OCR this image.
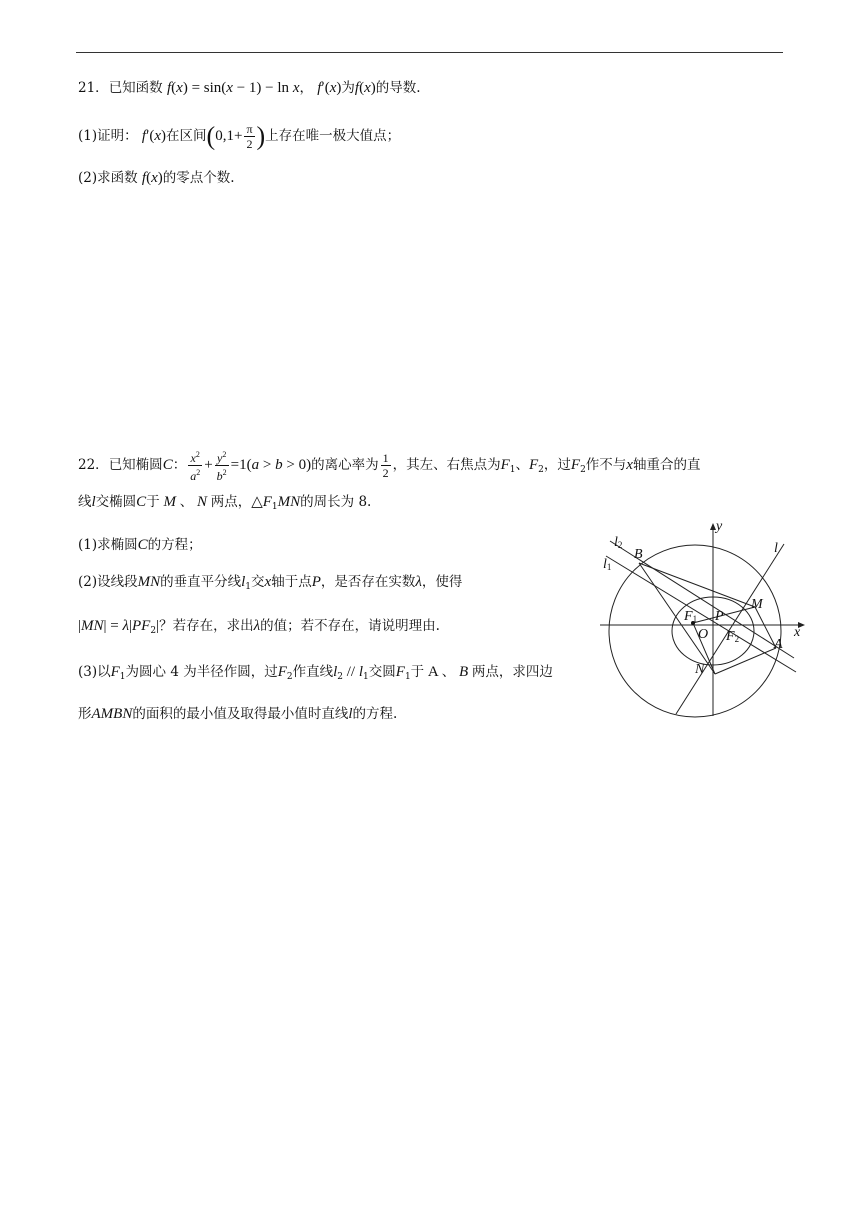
21．已知函数 f(x) = sin(x − 1) − ln x， f′(x)为f(x)的导数.
(1)证明： f′(x)在区间($0,1+ \frac{\pi}{2}$ )上存在唯一极大值点；
(2)求函数 f(x)的零点个数.
22．已知椭圆C： $\frac{x^2}{a^2} + \frac{y^2}{b^2} =1(a > b > 0)$的离心率为 $\frac{1}{2}$ ，其左、右焦点为$F_1$、$F_2$，过$F_2$作不与x轴重合的直
线l交椭圆C于 M 、 N 两点，$\triangle F_1MN$的周长为 8.
(1)求椭圆C的方程；
(2)设线段MN的垂直平分线$l_1$交x轴于点P，是否存在实数λ，使得
$|MN| = \lambda|PF_2|$？若存在，求出λ的值；若不存在，请说明理由.
(3)以$F_1$为圆心 4 为半径作圆，过$F_2$作直线$l_2 // l_1$交圆$F_1$于 A 、 B 两点，求四边
形AMBN的面积的最小值及取得最小值时直线l的方程.
y
x
l
l2
l1
B
M
P
F1
O F2 A
N
